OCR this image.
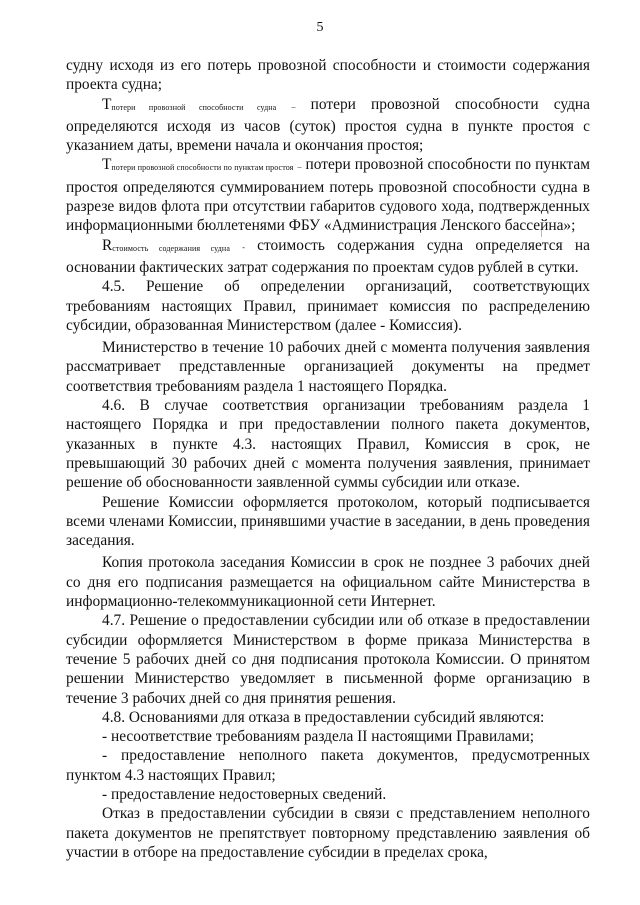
5

судну исходя из его потерь провозной способности и стоимости содержания проекта судна;

Тпотери провозной способности судна – потери провозной способности судна определяются исходя из часов (суток) простоя судна в пункте простоя с указанием даты, времени начала и окончания простоя;

Тпотери провозной способности по пунктам простоя – потери провозной способности по пунктам простоя определяются суммированием потерь провозной способности судна в разрезе видов флота при отсутствии габаритов судового хода, подтвержденных информационными бюллетенями ФБУ «Администрация Ленского бассейна»;

Rстоимость содержания судна - стоимость содержания судна определяется на основании фактических затрат содержания по проектам судов рублей в сутки.

4.5. Решение об определении организаций, соответствующих требованиям настоящих Правил, принимает комиссия по распределению субсидии, образованная Министерством (далее - Комиссия).

Министерство в течение 10 рабочих дней с момента получения заявления рассматривает представленные организацией документы на предмет соответствия требованиям раздела 1 настоящего Порядка.

4.6. В случае соответствия организации требованиям раздела 1 настоящего Порядка и при предоставлении полного пакета документов, указанных в пункте 4.3. настоящих Правил, Комиссия в срок, не превышающий 30 рабочих дней с момента получения заявления, принимает решение об обоснованности заявленной суммы субсидии или отказе.

Решение Комиссии оформляется протоколом, который подписывается всеми членами Комиссии, принявшими участие в заседании, в день проведения заседания.

Копия протокола заседания Комиссии в срок не позднее 3 рабочих дней со дня его подписания размещается на официальном сайте Министерства в информационно-телекоммуникационной сети Интернет.

4.7. Решение о предоставлении субсидии или об отказе в предоставлении субсидии оформляется Министерством в форме приказа Министерства в течение 5 рабочих дней со дня подписания протокола Комиссии. О принятом решении Министерство уведомляет в письменной форме организацию в течение 3 рабочих дней со дня принятия решения.

4.8. Основаниями для отказа в предоставлении субсидий являются:

- несоответствие требованиям раздела II настоящими Правилами;

- предоставление неполного пакета документов, предусмотренных пунктом 4.3 настоящих Правил;

- предоставление недостоверных сведений.

Отказ в предоставлении субсидии в связи с представлением неполного пакета документов не препятствует повторному представлению заявления об участии в отборе на предоставление субсидии в пределах срока,
